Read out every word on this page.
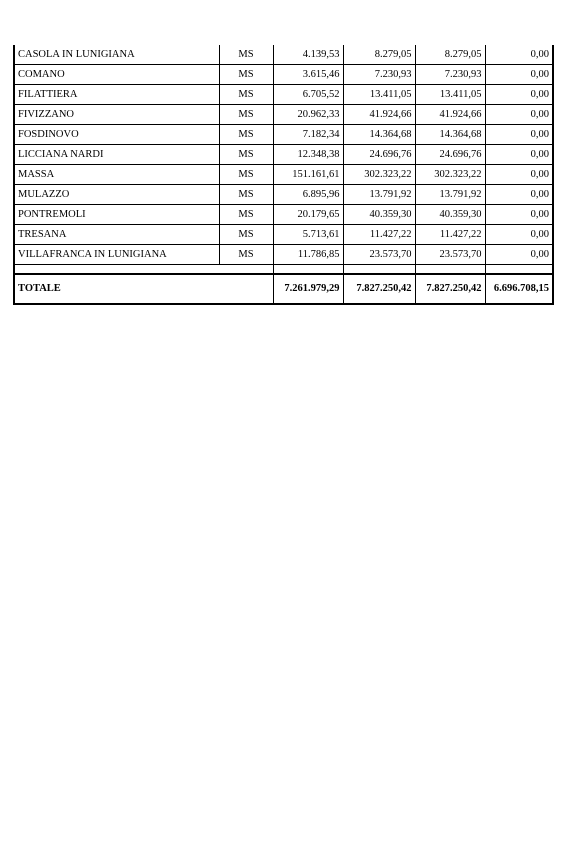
CASOLA IN LUNIGIANA	MS	4.139,53	8.279,05	8.279,05	0,00
COMANO	MS	3.615,46	7.230,93	7.230,93	0,00
FILATTIERA	MS	6.705,52	13.411,05	13.411,05	0,00
FIVIZZANO	MS	20.962,33	41.924,66	41.924,66	0,00
FOSDINOVO	MS	7.182,34	14.364,68	14.364,68	0,00
LICCIANA NARDI	MS	12.348,38	24.696,76	24.696,76	0,00
MASSA	MS	151.161,61	302.323,22	302.323,22	0,00
MULAZZO	MS	6.895,96	13.791,92	13.791,92	0,00
PONTREMOLI	MS	20.179,65	40.359,30	40.359,30	0,00
TRESANA	MS	5.713,61	11.427,22	11.427,22	0,00
VILLAFRANCA IN LUNIGIANA	MS	11.786,85	23.573,70	23.573,70	0,00

TOTALE		7.261.979,29	7.827.250,42	7.827.250,42	6.696.708,15
